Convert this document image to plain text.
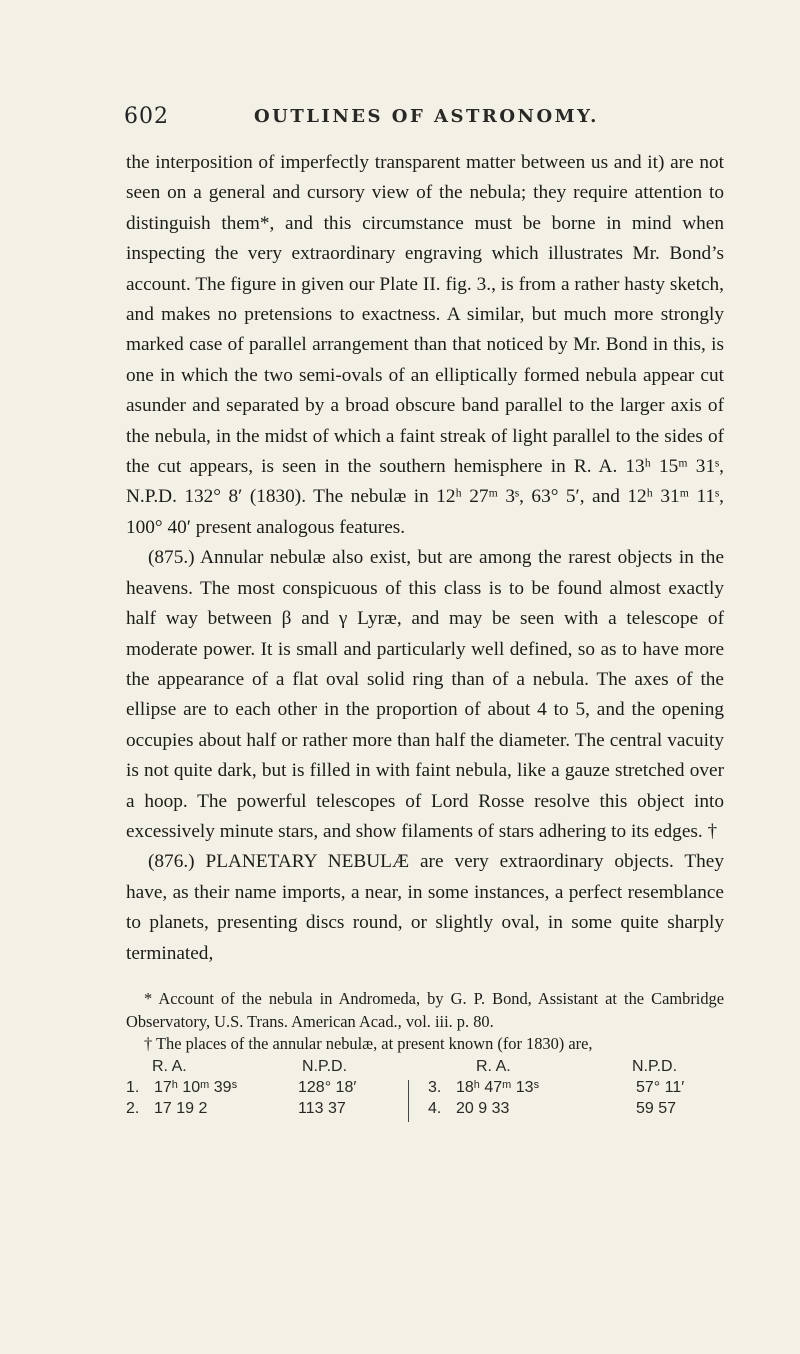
602	OUTLINES OF ASTRONOMY.

the interposition of imperfectly transparent matter between us and it) are not seen on a general and cursory view of the nebula; they require attention to distinguish them*, and this circumstance must be borne in mind when inspecting the very extraordinary engraving which illustrates Mr. Bond’s account. The figure in given our Plate II. fig. 3., is from a rather hasty sketch, and makes no pretensions to exactness. A similar, but much more strongly marked case of parallel arrangement than that noticed by Mr. Bond in this, is one in which the two semi-ovals of an elliptically formed nebula appear cut asunder and separated by a broad obscure band parallel to the larger axis of the nebula, in the midst of which a faint streak of light parallel to the sides of the cut appears, is seen in the southern hemisphere in R. A. 13ʰ 15ᵐ 31ˢ, N.P.D. 132° 8′ (1830). The nebulæ in 12ʰ 27ᵐ 3ˢ, 63° 5′, and 12ʰ 31ᵐ 11ˢ, 100° 40′ present analogous features.

(875.) Annular nebulæ also exist, but are among the rarest objects in the heavens. The most conspicuous of this class is to be found almost exactly half way between β and γ Lyræ, and may be seen with a telescope of moderate power. It is small and particularly well defined, so as to have more the appearance of a flat oval solid ring than of a nebula. The axes of the ellipse are to each other in the proportion of about 4 to 5, and the opening occupies about half or rather more than half the diameter. The central vacuity is not quite dark, but is filled in with faint nebula, like a gauze stretched over a hoop. The powerful telescopes of Lord Rosse resolve this object into excessively minute stars, and show filaments of stars adhering to its edges. †

(876.) PLANETARY NEBULÆ are very extraordinary objects. They have, as their name imports, a near, in some instances, a perfect resemblance to planets, presenting discs round, or slightly oval, in some quite sharply terminated,

* Account of the nebula in Andromeda, by G. P. Bond, Assistant at the Cambridge Observatory, U.S. Trans. American Acad., vol. iii. p. 80.

† The places of the annular nebulæ, at present known (for 1830) are,

R. A.	N.P.D.	R. A.	N.P.D.
1. 17ʰ 10ᵐ 39ˢ	128° 18′	3. 18ʰ 47ᵐ 13ˢ	57° 11′
2. 17 19 2	113 37	4. 20 9 33	59 57
